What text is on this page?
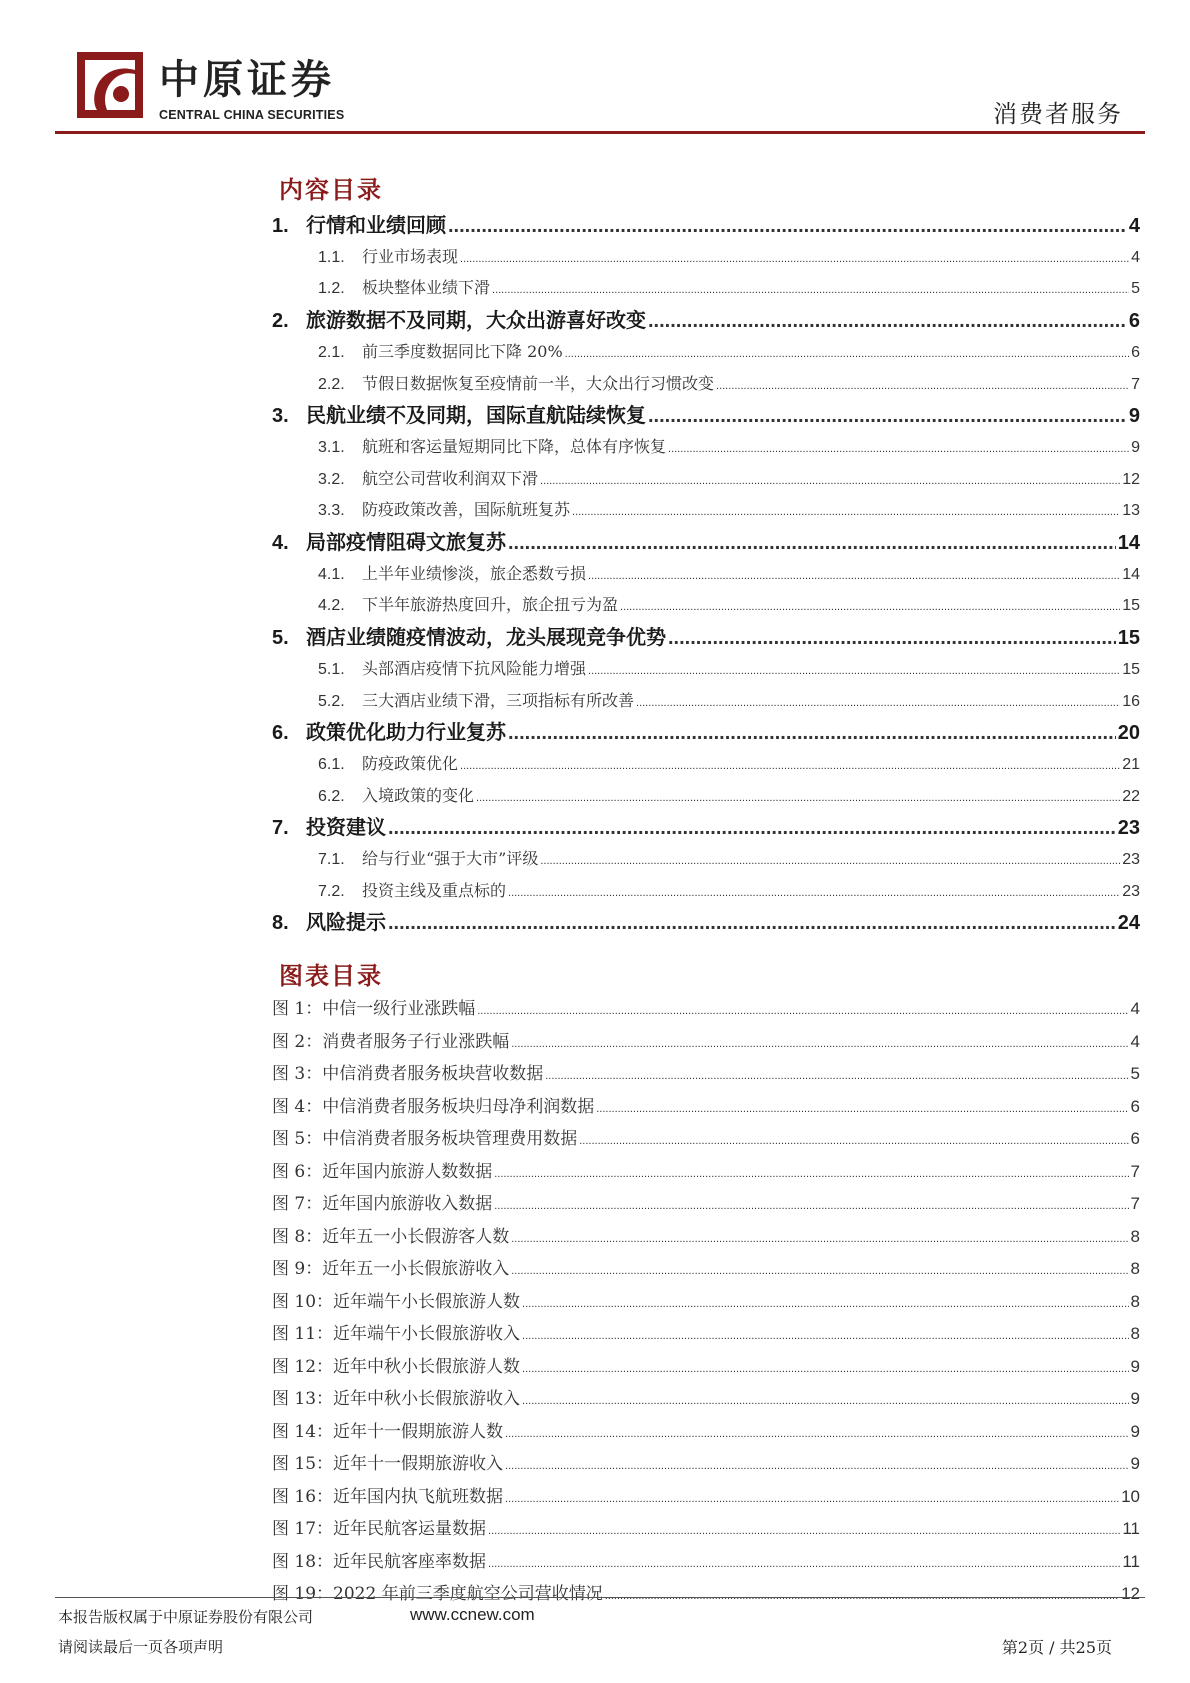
中原证券
CENTRAL CHINA SECURITIES	消费者服务
内容目录
1. 行情和业绩回顾 .....	4
1.1. 行业市场表现 .....	4
1.2. 板块整体业绩下滑 .....	5
2. 旅游数据不及同期，大众出游喜好改变 .....	6
2.1. 前三季度数据同比下降 20% .....	6
2.2. 节假日数据恢复至疫情前一半，大众出行习惯改变 .....	7
3. 民航业绩不及同期，国际直航陆续恢复 .....	9
3.1. 航班和客运量短期同比下降，总体有序恢复 .....	9
3.2. 航空公司营收利润双下滑 .....	12
3.3. 防疫政策改善，国际航班复苏 .....	13
4. 局部疫情阻碍文旅复苏 .....	14
4.1. 上半年业绩惨淡，旅企悉数亏损 .....	14
4.2. 下半年旅游热度回升，旅企扭亏为盈 .....	15
5. 酒店业绩随疫情波动，龙头展现竞争优势 .....	15
5.1. 头部酒店疫情下抗风险能力增强 .....	15
5.2. 三大酒店业绩下滑，三项指标有所改善 .....	16
6. 政策优化助力行业复苏 .....	20
6.1. 防疫政策优化 .....	21
6.2. 入境政策的变化 .....	22
7. 投资建议 .....	23
7.1. 给与行业“强于大市”评级 .....	23
7.2. 投资主线及重点标的 .....	23
8. 风险提示 .....	24
图表目录
图 1：中信一级行业涨跌幅 .....	4
图 2：消费者服务子行业涨跌幅 .....	4
图 3：中信消费者服务板块营收数据 .....	5
图 4：中信消费者服务板块归母净利润数据 .....	6
图 5：中信消费者服务板块管理费用数据 .....	6
图 6：近年国内旅游人数数据 .....	7
图 7：近年国内旅游收入数据 .....	7
图 8：近年五一小长假游客人数 .....	8
图 9：近年五一小长假旅游收入 .....	8
图 10：近年端午小长假旅游人数 .....	8
图 11：近年端午小长假旅游收入 .....	8
图 12：近年中秋小长假旅游人数 .....	9
图 13：近年中秋小长假旅游收入 .....	9
图 14：近年十一假期旅游人数 .....	9
图 15：近年十一假期旅游收入 .....	9
图 16：近年国内执飞航班数据 .....	10
图 17：近年民航客运量数据 .....	11
图 18：近年民航客座率数据 .....	11
图 19：2022 年前三季度航空公司营收情况 .....	12
本报告版权属于中原证券股份有限公司	www.ccnew.com
请阅读最后一页各项声明	第2页 / 共25页
